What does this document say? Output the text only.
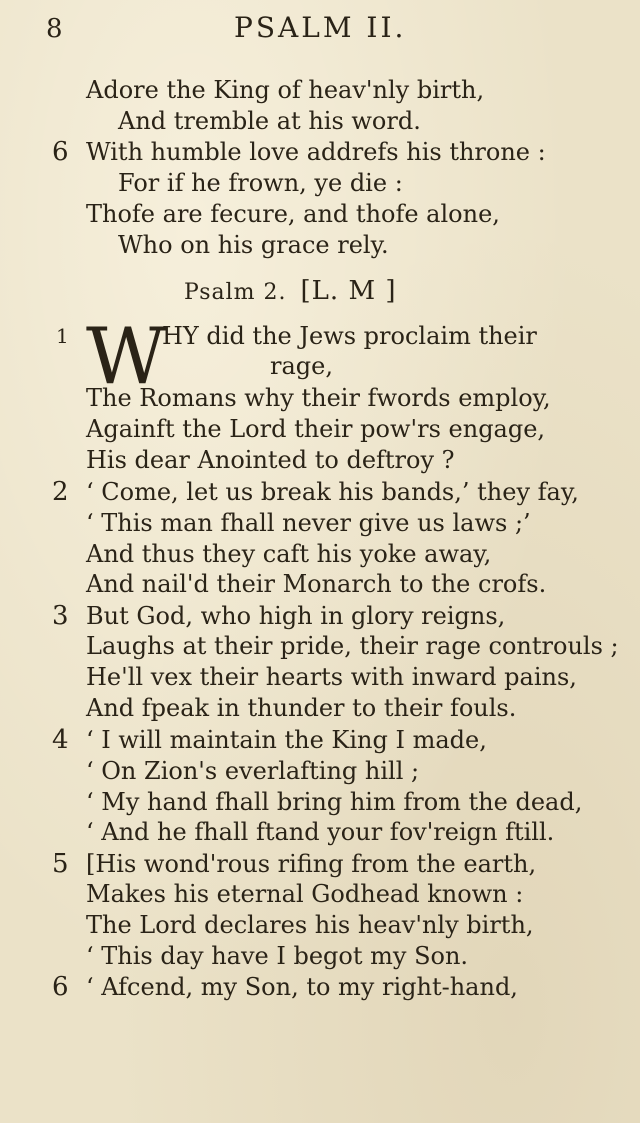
8	PSALM II.
Adore the King of heav'nly birth,
And tremble at his word.
6 With humble love addrefs his throne :
For if he frown, ye die :
Thofe are fecure, and thofe alone,
Who on his grace rely.
Psalm 2. [L. M ]
1 W
HY did the Jews proclaim their
rage,
The Romans why their fwords employ,
Againft the Lord their pow'rs engage,
His dear Anointed to deftroy ?
2 ‘ Come, let us break his bands,’ they fay,
‘ This man fhall never give us laws ;’
And thus they caft his yoke away,
And nail'd their Monarch to the crofs.
3 But God, who high in glory reigns,
Laughs at their pride, their rage controuls ;
He'll vex their hearts with inward pains,
And fpeak in thunder to their fouls.
4 ‘ I will maintain the King I made,
‘ On Zion's everlafting hill ;
‘ My hand fhall bring him from the dead,
‘ And he fhall ftand your fov'reign ftill.
5 [His wond'rous rifing from the earth,
Makes his eternal Godhead known :
The Lord declares his heav'nly birth,
‘ This day have I begot my Son.
6 ‘ Afcend, my Son, to my right-hand,
